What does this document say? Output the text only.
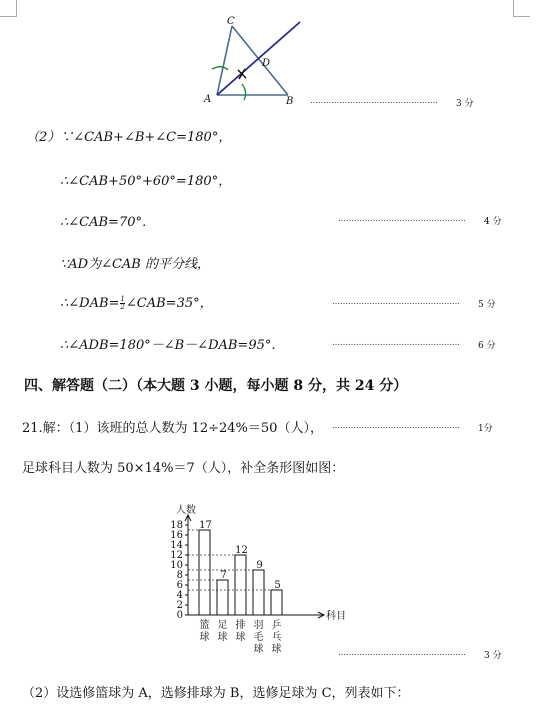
A	B
C
D
………………………………………… 3 分
（2）∵∠CAB+∠B+∠C=180°，
∴∠CAB+50°+60°=180°，
∴∠CAB=70°．	………………………………………… 4 分
∵AD为∠CAB 的平分线，
∴∠DAB= $\frac{1}{2}$ ∠CAB=35°，	………………………………………… 5 分
∴∠ADB=180°－∠B－∠DAB=95°．	………………………………………… 6 分
四、解答题（二）（本大题 3 小题，每小题 8 分，共 24 分）
21.解：（1）该班的总人数为 12÷24%＝50（人）， ………………………………………… 1分
足球科目人数为 50×14%＝7（人），补全条形图如图：
人数
科目
0
2
4
6
8
10
12
14
16
18 17
篮
球
7
足
球
12
排
球
9
羽
毛
球
5
乒
乓
球	………………………………………… 3 分
（2）设选修篮球为 A，选修排球为 B，选修足球为 C，列表如下：
